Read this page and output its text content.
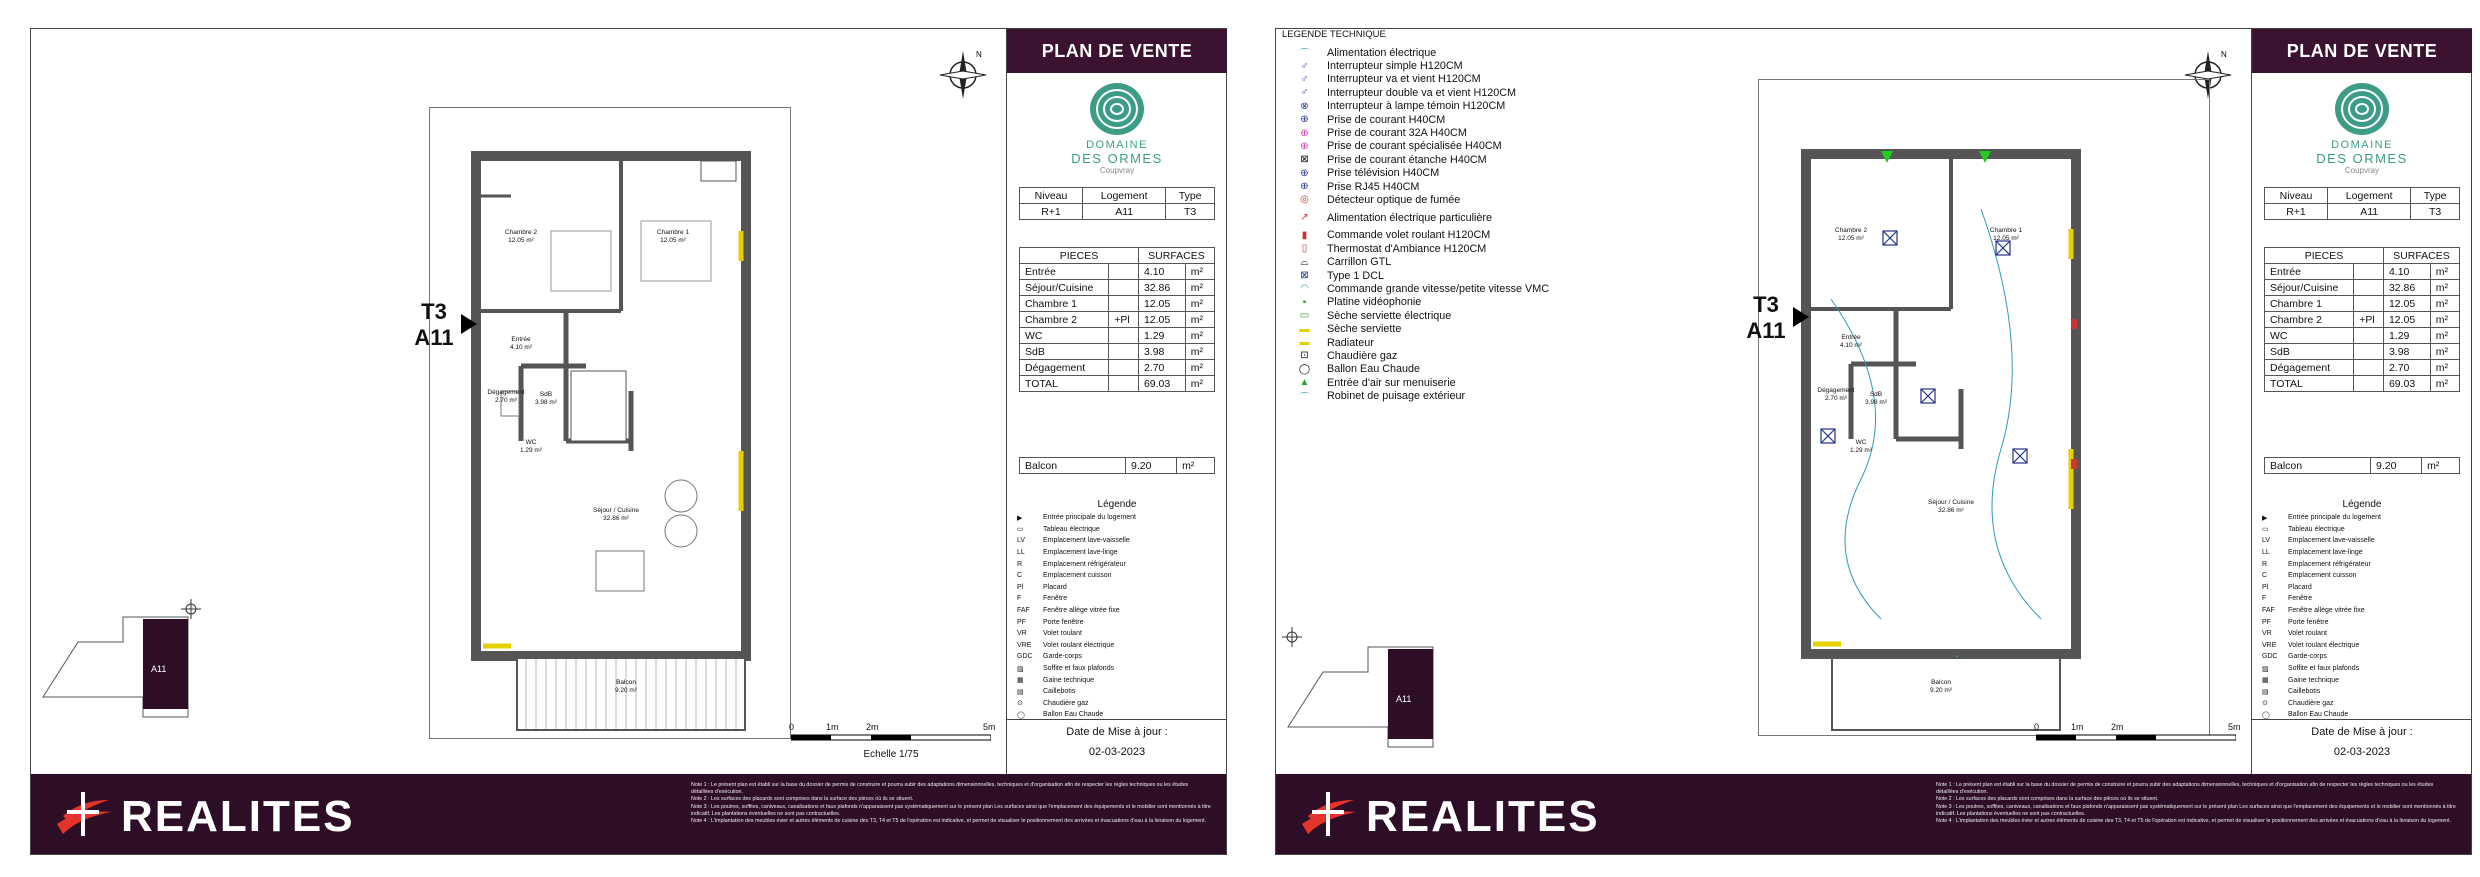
N
Chambre 2
12.05 m²
Chambre 1
12.05 m²
Entrée
4.10 m²
Dégagement
2.70 m²
SdB
3.98 m²
WC
1.29 m²
Séjour / Cuisine
32.86 m²
Balcon
9.20 m²
T3
A11
A11
0	1m	2m	5m
Echelle 1/75
PLAN DE VENTE
DOMAINE
DES ORMES
Coupvray
Niveau	Logement	Type
R+1	A11	T3
PIECES		SURFACES	
Entrée		4.10	m²
Séjour/Cuisine		32.86	m²
Chambre 1		12.05	m²
Chambre 2	+Pl	12.05	m²
WC		1.29	m²
SdB		3.98	m²
Dégagement		2.70	m²
TOTAL		69.03	m²
Balcon	9.20	m²
Légende
▶	Entrée principale du logement
▭	Tableau électrique
LV	Emplacement lave-vaisselle
LL	Emplacement lave-linge
R	Emplacement réfrigérateur
C	Emplacement cuisson
Pl	Placard
F	Fenêtre
FAF	Fenêtre allège vitrée fixe
PF	Porte fenêtre
VR	Volet roulant
VRE	Volet roulant électrique
GDC	Garde-corps
▨	Soffite et faux plafonds
▦	Gaine technique
▤	Caillebotis
⊙	Chaudière gaz
◯	Ballon Eau Chaude
Date de Mise à jour :
02-03-2023
REALITES
Note 1 : Le présent plan est établi sur la base du dossier de permis de construire et pourra subir des adaptations dimensionnelles, techniques et d'organisation afin de respecter les règles techniques ou les études détaillées d'exécution.
Note 2 : Les surfaces des placards sont comprises dans la surface des pièces où ils se situent.
Note 3 : Les poutres, soffites, caniveaux, canalisations et faux plafonds n'apparaissent pas systématiquement sur le présent plan Les surfaces ainsi que l'emplacement des équipements et le mobilier sont mentionnés à titre indicatif. Les plantations éventuelles ne sont pas contractuelles.
Note 4 : L'implantation des meubles évier et autres éléments de cuisine des T3, T4 et T5 de l'opération est indicative, et permet de visualiser le positionnement des arrivées et évacuations d'eau à la livraison du logement.
LEGENDE TECHNIQUE
⌒	Alimentation électrique
♂	Interrupteur simple H120CM
♂	Interrupteur va et vient H120CM
♂	Interrupteur double va et vient H120CM
⊗	Interrupteur à lampe témoin H120CM
⊕	Prise de courant H40CM
⊕	Prise de courant 32A H40CM
⊕	Prise de courant spécialisée H40CM
⊠	Prise de courant étanche H40CM
⊕	Prise télévision H40CM
⊕	Prise RJ45 H40CM
◎	Détecteur optique de fumée
↗	Alimentation électrique particulière
▮	Commande volet roulant H120CM
▯	Thermostat d'Ambiance H120CM
⌓	Carrillon GTL
⊠	Type 1 DCL
◠	Commande grande vitesse/petite vitesse VMC
▪	Platine vidéophonie
▭	Sèche serviette électrique
▬	Sèche serviette
▬	Radiateur
⊡	Chaudière gaz
◯	Ballon Eau Chaude
▲	Entrée d'air sur menuiserie
⌒	Robinet de puisage extérieur
N
Chambre 2
12.05 m²
Chambre 1
12.05 m²
Entrée
4.10 m²
Dégagement
2.70 m²	SdB
3.98 m²
WC
1.29 m²
Séjour / Cuisine
32.86 m²
Balcon
9.20 m²
T3
A11
A11
0	1m	2m	5m
PLAN DE VENTE
DOMAINE
DES ORMES
Coupvray
Niveau	Logement	Type
R+1	A11	T3
PIECES		SURFACES	
Entrée		4.10	m²
Séjour/Cuisine		32.86	m²
Chambre 1		12.05	m²
Chambre 2	+Pl	12.05	m²
WC		1.29	m²
SdB		3.98	m²
Dégagement		2.70	m²
TOTAL		69.03	m²
Balcon	9.20	m²
Légende
▶	Entrée principale du logement
▭	Tableau électrique
LV	Emplacement lave-vaisselle
LL	Emplacement lave-linge
R	Emplacement réfrigérateur
C	Emplacement cuisson
Pl	Placard
F	Fenêtre
FAF	Fenêtre allège vitrée fixe
PF	Porte fenêtre
VR	Volet roulant
VRE	Volet roulant électrique
GDC	Garde-corps
▨	Soffite et faux plafonds
▦	Gaine technique
▤	Caillebotis
⊙	Chaudière gaz
◯	Ballon Eau Chaude
Date de Mise à jour :
02-03-2023
REALITES
Note 1 : Le présent plan est établi sur la base du dossier de permis de construire et pourra subir des adaptations dimensionnelles, techniques et d'organisation afin de respecter les règles techniques ou les études détaillées d'exécution.
Note 2 : Les surfaces des placards sont comprises dans la surface des pièces où ils se situent.
Note 3 : Les poutres, soffites, caniveaux, canalisations et faux plafonds n'apparaissent pas systématiquement sur le présent plan Les surfaces ainsi que l'emplacement des équipements et le mobilier sont mentionnés à titre indicatif. Les plantations éventuelles ne sont pas contractuelles.
Note 4 : L'implantation des meubles évier et autres éléments de cuisine des T3, T4 et T5 de l'opération est indicative, et permet de visualiser le positionnement des arrivées et évacuations d'eau à la livraison du logement.
